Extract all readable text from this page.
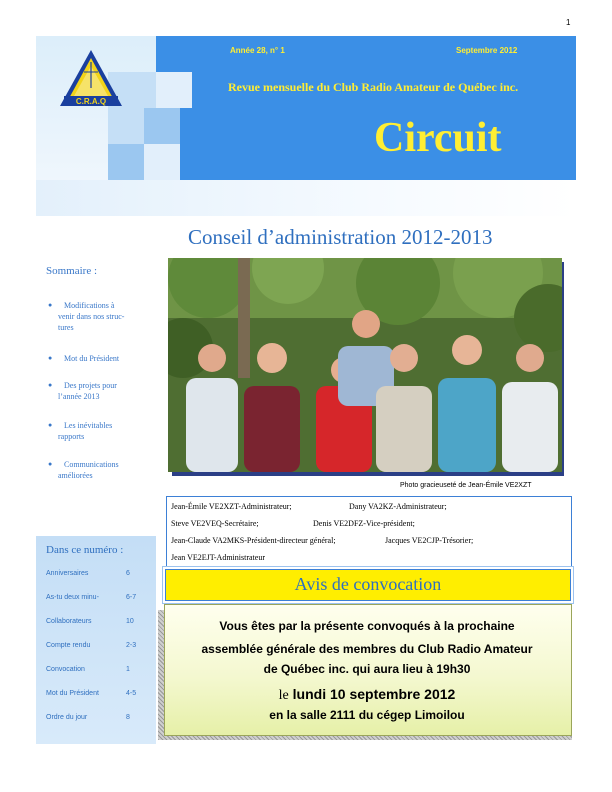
1
C.R.A.Q
Année 28, n° 1	Septembre 2012
Revue mensuelle du Club Radio Amateur de Québec inc.
Circuit
Conseil d’administration 2012-2013
Sommaire :
●	Modifications à
venir dans nos struc-
tures
●	Mot du Président
●	Des projets pour
l’année 2013
●	Les inévitables
rapports
●	Communications
améliorées
Dans ce numéro :
Anniversaires	6
As-tu deux minu-	6-7
Collaborateurs	10
Compte rendu	2-3
Convocation	1
Mot du Président	4-5
Ordre du jour	8
Photo gracieuseté de Jean-Émile VE2XZT
Jean-Émile VE2XZT-Administrateur;	Dany VA2KZ-Administrateur;
Steve VE2VEQ-Secrétaire;	Denis VE2DFZ-Vice-président;
Jean-Claude VA2MKS-Président-directeur général;	Jacques VE2CJP-Trésorier;
Jean VE2EJT-Administrateur
Avis de convocation
Vous êtes par la présente convoqués à la prochaine
assemblée générale des membres du Club Radio Amateur
de Québec inc. qui aura lieu à 19h30
le lundi 10 septembre 2012
en la salle 2111 du cégep Limoilou
